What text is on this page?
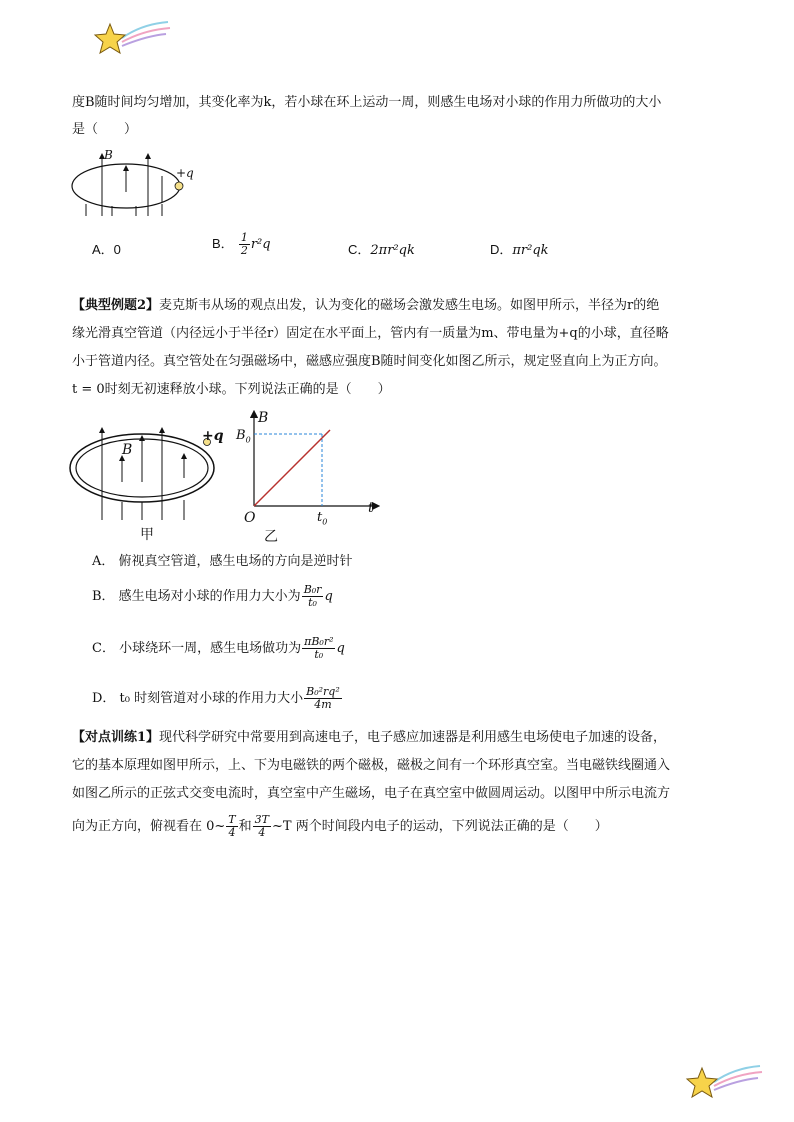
度B随时间均匀增加，其变化率为k，若小球在环上运动一周，则感生电场对小球的作用力所做功的大小
是（　　）
B
+q
A．0	B． $\frac{1}{2} r^2q$	C．2πr²qk	D．πr²qk
【典型例题2】麦克斯韦从场的观点出发，认为变化的磁场会激发感生电场。如图甲所示，半径为r的绝
缘光滑真空管道（内径远小于半径r）固定在水平面上，管内有一质量为m、带电量为+q的小球，直径略
小于管道内径。真空管处在匀强磁场中，磁感应强度B随时间变化如图乙所示，规定竖直向上为正方向。
t = 0时刻无初速释放小球。下列说法正确的是（　　）
B
+q
甲
B
t
O
$B_0$
$t_0$
乙
A． 俯视真空管道，感生电场的方向是逆时针
B． 感生电场对小球的作用力大小为 $\frac{\text{B₀r}}{\text{t₀}}$ q
C． 小球绕环一周，感生电场做功为 $\frac{\text{πB₀r²}}{\text{t₀}}$ q
D． t₀ 时刻管道对小球的作用力大小 $\frac{\text{B₀²rq²}}{4m}$
【对点训练1】现代科学研究中常要用到高速电子，电子感应加速器是利用感生电场使电子加速的设备，
它的基本原理如图甲所示，上、下为电磁铁的两个磁极，磁极之间有一个环形真空室。当电磁铁线圈通入
如图乙所示的正弦式交变电流时，真空室中产生磁场，电子在真空室中做圆周运动。以图甲中所示电流方
向为正方向，俯视看在 0~ $\frac{T}{4}$ 和 $\frac{3T}{4}$ ~T 两个时间段内电子的运动，下列说法正确的是（　　）
